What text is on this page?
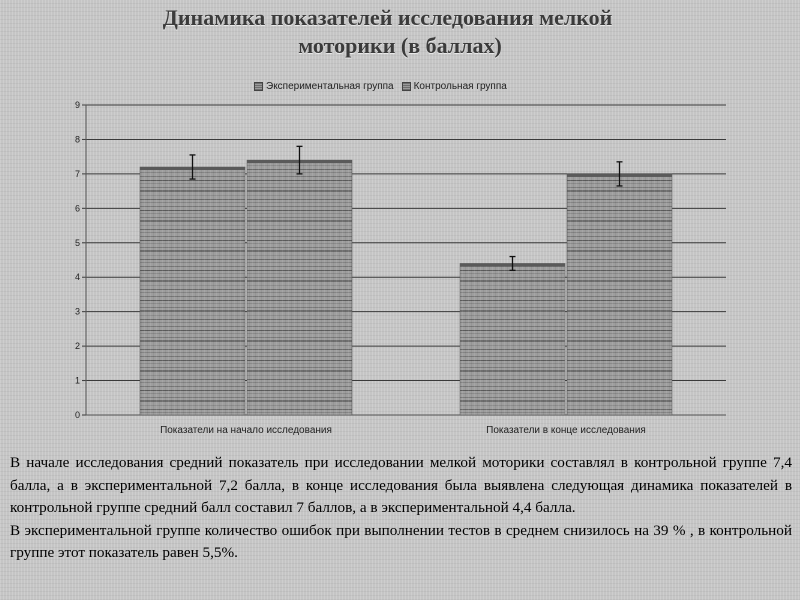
Динамика показателей исследования мелкой
моторики (в баллах)
Экспериментальная группа Контрольная группа
0
1
2
3
4
5
6
7
8
9
Показатели на начало исследования	Показатели в конце исследования

В начале исследования средний показатель при исследовании мелкой моторики составлял в контрольной группе 7,4 балла, а в экспериментальной 7,2 балла, в конце исследования была выявлена следующая динамика показателей в контрольной группе средний балл составил 7 баллов, а в экспериментальной 4,4 балла.

В экспериментальной группе количество ошибок при выполнении тестов в среднем снизилось на 39 % , в контрольной группе этот показатель равен 5,5%.
